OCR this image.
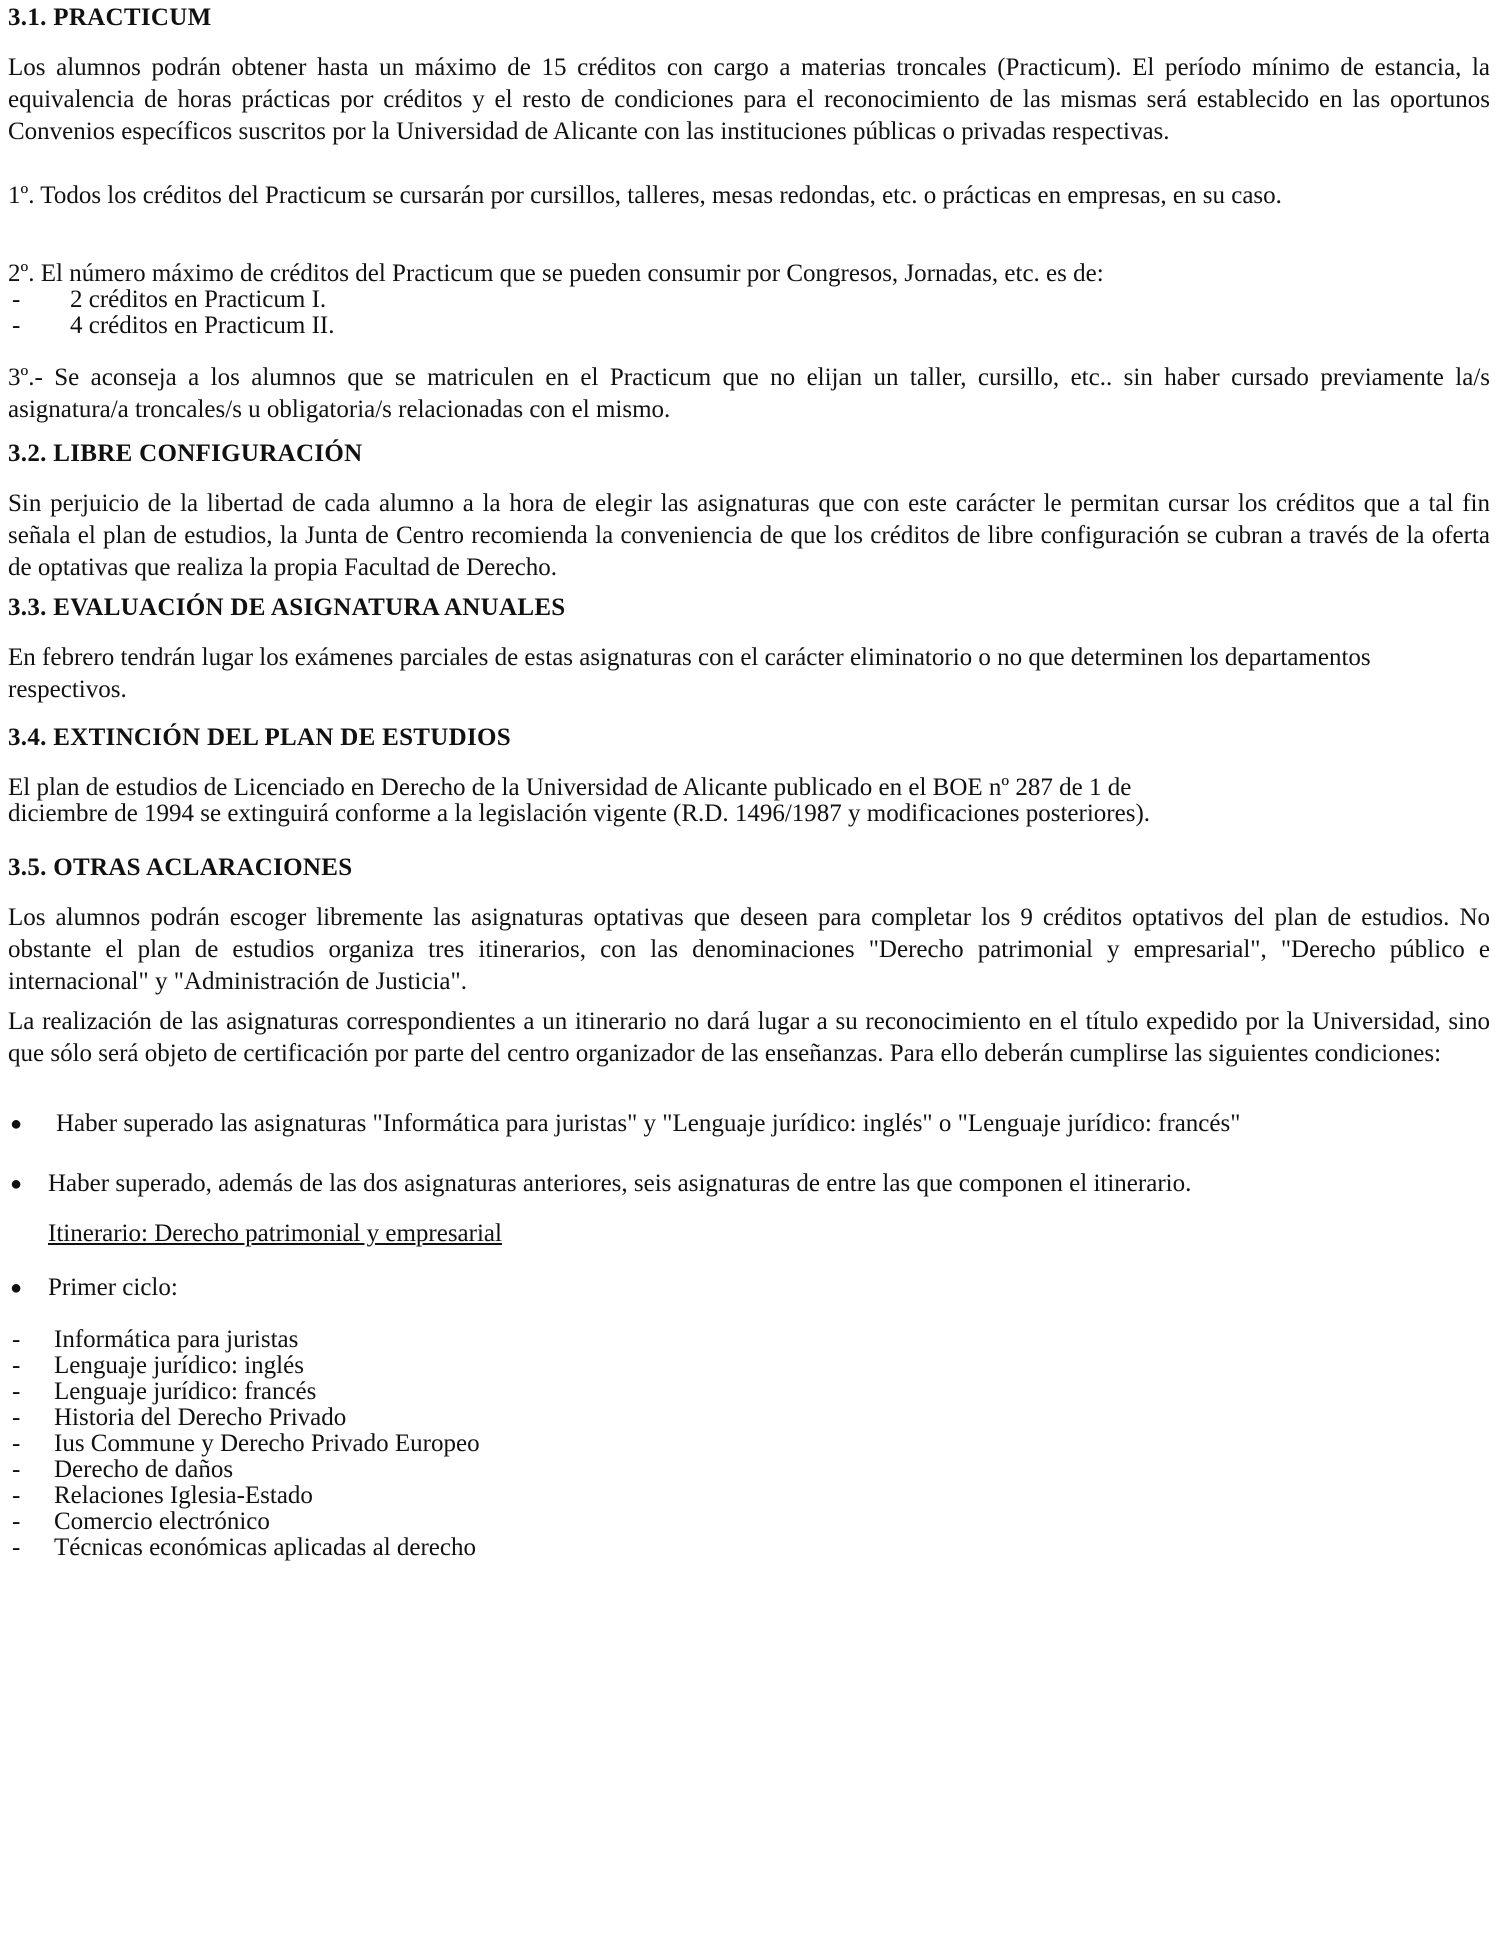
3.1. PRACTICUM
Los alumnos podrán obtener hasta un máximo de 15 créditos con cargo a materias troncales (Practicum). El período mínimo de estancia, la equivalencia de horas prácticas por créditos y el resto de condiciones para el reconocimiento de las mismas será establecido en las oportunos Convenios específicos suscritos por la Universidad de Alicante con las instituciones públicas o privadas respectivas.
1º. Todos los créditos del Practicum se cursarán por cursillos, talleres, mesas redondas, etc. o prácticas en empresas, en su caso.
2º. El número máximo de créditos del Practicum que se pueden consumir por Congresos, Jornadas, etc. es de:
- 2 créditos en Practicum I.
- 4 créditos en Practicum II.
3º.- Se aconseja a los alumnos que se matriculen en el Practicum que no elijan un taller, cursillo, etc.. sin haber cursado previamente la/s asignatura/a troncales/s u obligatoria/s relacionadas con el mismo.
3.2. LIBRE CONFIGURACIÓN
Sin perjuicio de la libertad de cada alumno a la hora de elegir las asignaturas que con este carácter le permitan cursar los créditos que a tal fin señala el plan de estudios, la Junta de Centro recomienda la conveniencia de que los créditos de libre configuración se cubran a través de la oferta de optativas que realiza la propia Facultad de Derecho.
3.3. EVALUACIÓN DE ASIGNATURA ANUALES
En febrero tendrán lugar los exámenes parciales de estas asignaturas con el carácter eliminatorio o no que determinen los departamentos respectivos.
3.4. EXTINCIÓN DEL PLAN DE ESTUDIOS
El plan de estudios de Licenciado en Derecho de la Universidad de Alicante publicado en el BOE nº 287 de 1 de
diciembre de 1994 se extinguirá conforme a la legislación vigente (R.D. 1496/1987 y modificaciones posteriores).
3.5. OTRAS ACLARACIONES
Los alumnos podrán escoger libremente las asignaturas optativas que deseen para completar los 9 créditos optativos del plan de estudios. No obstante el plan de estudios organiza tres itinerarios, con las denominaciones "Derecho patrimonial y empresarial", "Derecho público e internacional" y "Administración de Justicia".
La realización de las asignaturas correspondientes a un itinerario no dará lugar a su reconocimiento en el título expedido por la Universidad, sino que sólo será objeto de certificación por parte del centro organizador de las enseñanzas. Para ello deberán cumplirse las siguientes condiciones:
● Haber superado las asignaturas "Informática para juristas" y "Lenguaje jurídico: inglés" o "Lenguaje jurídico: francés"
● Haber superado, además de las dos asignaturas anteriores, seis asignaturas de entre las que componen el itinerario.
Itinerario: Derecho patrimonial y empresarial
● Primer ciclo:
- Informática para juristas
- Lenguaje jurídico: inglés
- Lenguaje jurídico: francés
- Historia del Derecho Privado
- Ius Commune y Derecho Privado Europeo
- Derecho de daños
- Relaciones Iglesia-Estado
- Comercio electrónico
- Técnicas económicas aplicadas al derecho
